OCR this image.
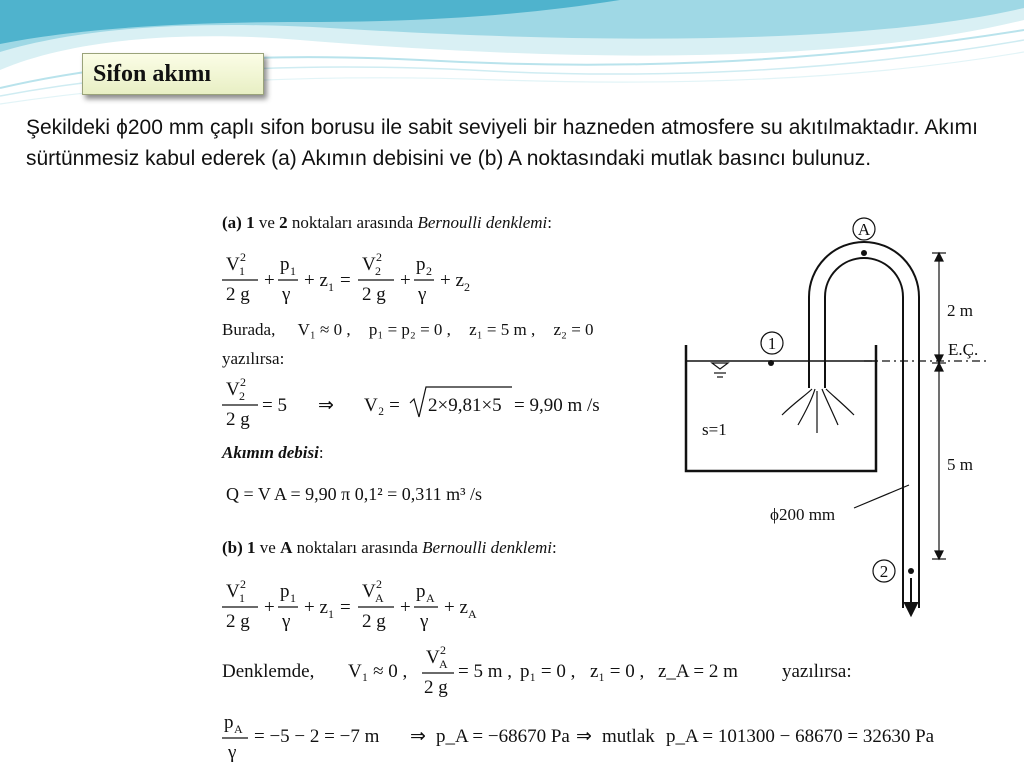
Sifon akımı
Şekildeki ϕ200 mm çaplı sifon borusu ile sabit seviyeli bir hazneden atmosfere su akıtılmaktadır. Akımı sürtünmesiz kabul ederek (a) Akımın debisini ve (b) A noktasındaki mutlak basıncı bulunuz.
(a) 1 ve 2 noktaları arasında Bernoulli denklemi:
V 1
2
2 g
+
p 1
γ
+ z 1 =
V 2
2
2 g
+
p 2
γ
+ z 2
Burada, V₁ ≈ 0 , p₁ = p₂ = 0 , z₁ = 5 m , z₂ = 0
yazılırsa:
V 2
2
2 g
= 5 ⇒ V₂ = 2×9,81×5 = 9,90 m /s
Akımın debisi:
Q = V A = 9,90 π 0,1² = 0,311 m³ /s
(b) 1 ve A noktaları arasında Bernoulli denklemi:
V 1
2
2 g
+
p 1
γ
+ z 1 =
V A
2
2 g
+
p A
γ
+ z A
Denklemde, V₁ ≈ 0 ,
V A
2
2 g
= 5 m , p₁ = 0 , z₁ = 0 , z_A = 2 m yazılırsa:
p A
γ
= −5 − 2 = −7 m ⇒ p_A = −68670 Pa ⇒ mutlak p_A = 101300 − 68670 = 32630 Pa
A
1
2
2 m
5 m
E.Ç.
s=1
ϕ200 mm
